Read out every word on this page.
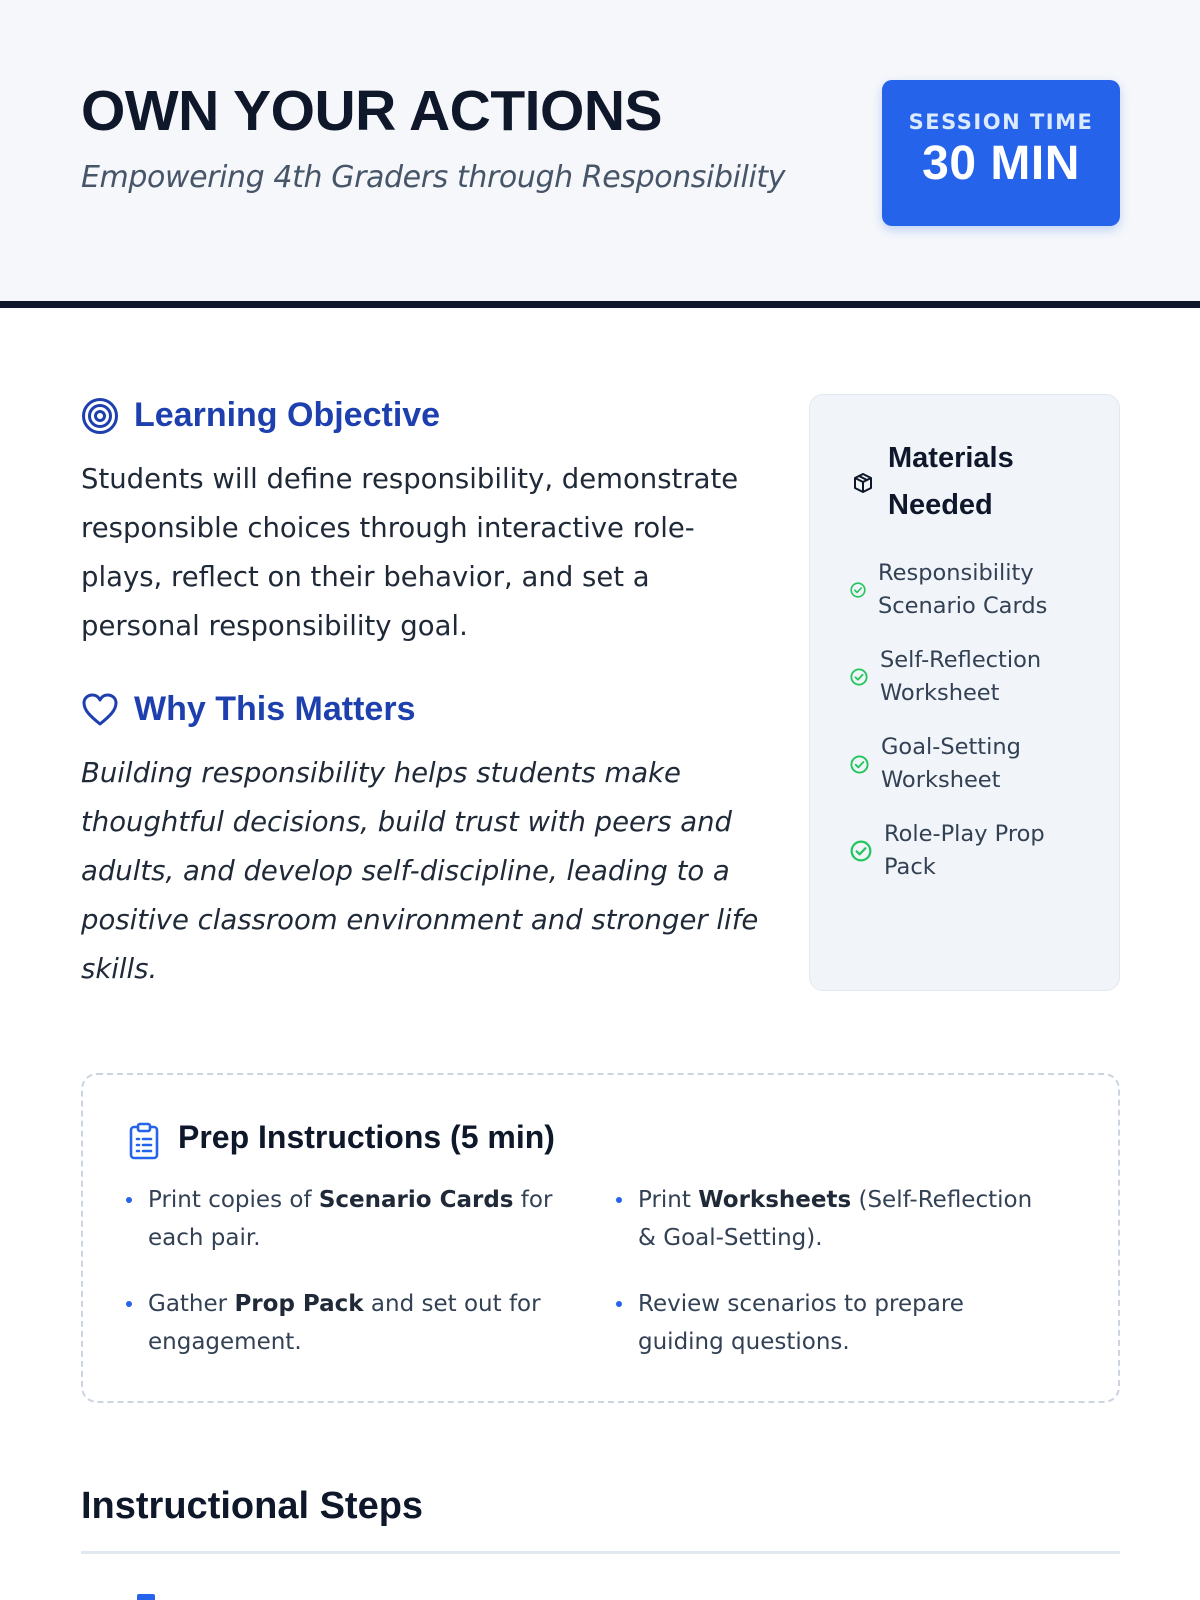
OWN YOUR ACTIONS
Empowering 4th Graders through Responsibility
SESSION TIME
30 MIN
Learning Objective

Students will define responsibility, demonstrate responsible choices through interactive role-plays, reflect on their behavior, and set a personal responsibility goal.

Why This Matters

Building responsibility helps students make thoughtful decisions, build trust with peers and adults, and develop self-discipline, leading to a positive classroom environment and stronger life skills.

Materials Needed
Responsibility Scenario Cards
Self-Reflection Worksheet
Goal-Setting Worksheet
Role-Play Prop Pack
Prep Instructions (5 min)
Print copies of Scenario Cards for each pair.
Print Worksheets (Self-Reflection & Goal-Setting).
Gather Prop Pack and set out for engagement.
Review scenarios to prepare guiding questions.
Instructional Steps
